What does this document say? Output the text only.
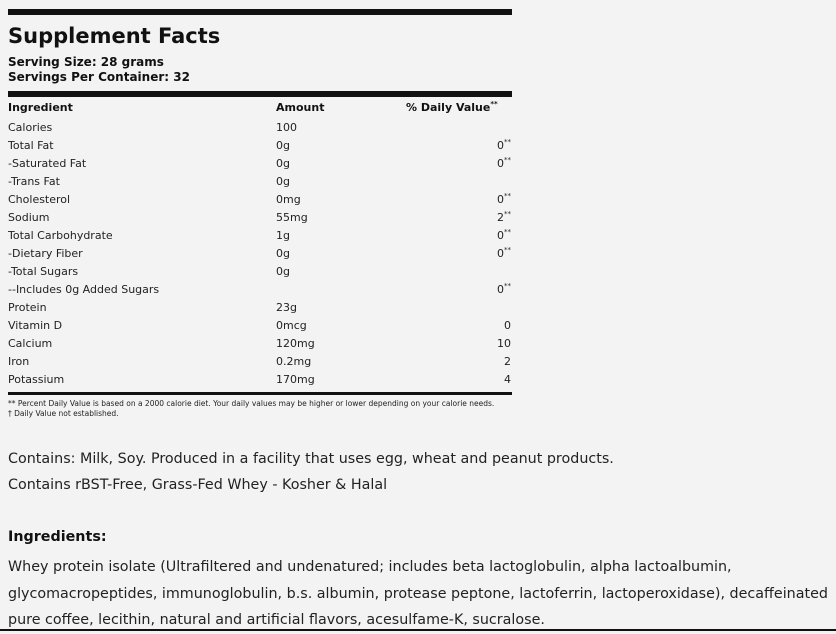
Supplement Facts
Serving Size: 28 grams
Servings Per Container: 32
Ingredient	Amount	% Daily Value**
Calories	100	
Total Fat	0g	0**
-Saturated Fat	0g	0**
-Trans Fat	0g	
Cholesterol	0mg	0**
Sodium	55mg	2**
Total Carbohydrate	1g	0**
-Dietary Fiber	0g	0**
-Total Sugars	0g	
--Includes 0g Added Sugars		0**
Protein	23g	
Vitamin D	0mcg	0
Calcium	120mg	10
Iron	0.2mg	2
Potassium	170mg	4
** Percent Daily Value is based on a 2000 calorie diet. Your daily values may be higher or lower depending on your calorie needs.
† Daily Value not established.
Contains: Milk, Soy. Produced in a facility that uses egg, wheat and peanut products.
Contains rBST-Free, Grass-Fed Whey - Kosher & Halal
Ingredients:
Whey protein isolate (Ultrafiltered and undenatured; includes beta lactoglobulin, alpha lactoalbumin, glycomacropeptides, immunoglobulin, b.s. albumin, protease peptone, lactoferrin, lactoperoxidase), decaffeinated pure coffee, lecithin, natural and artificial flavors, acesulfame-K, sucralose.
